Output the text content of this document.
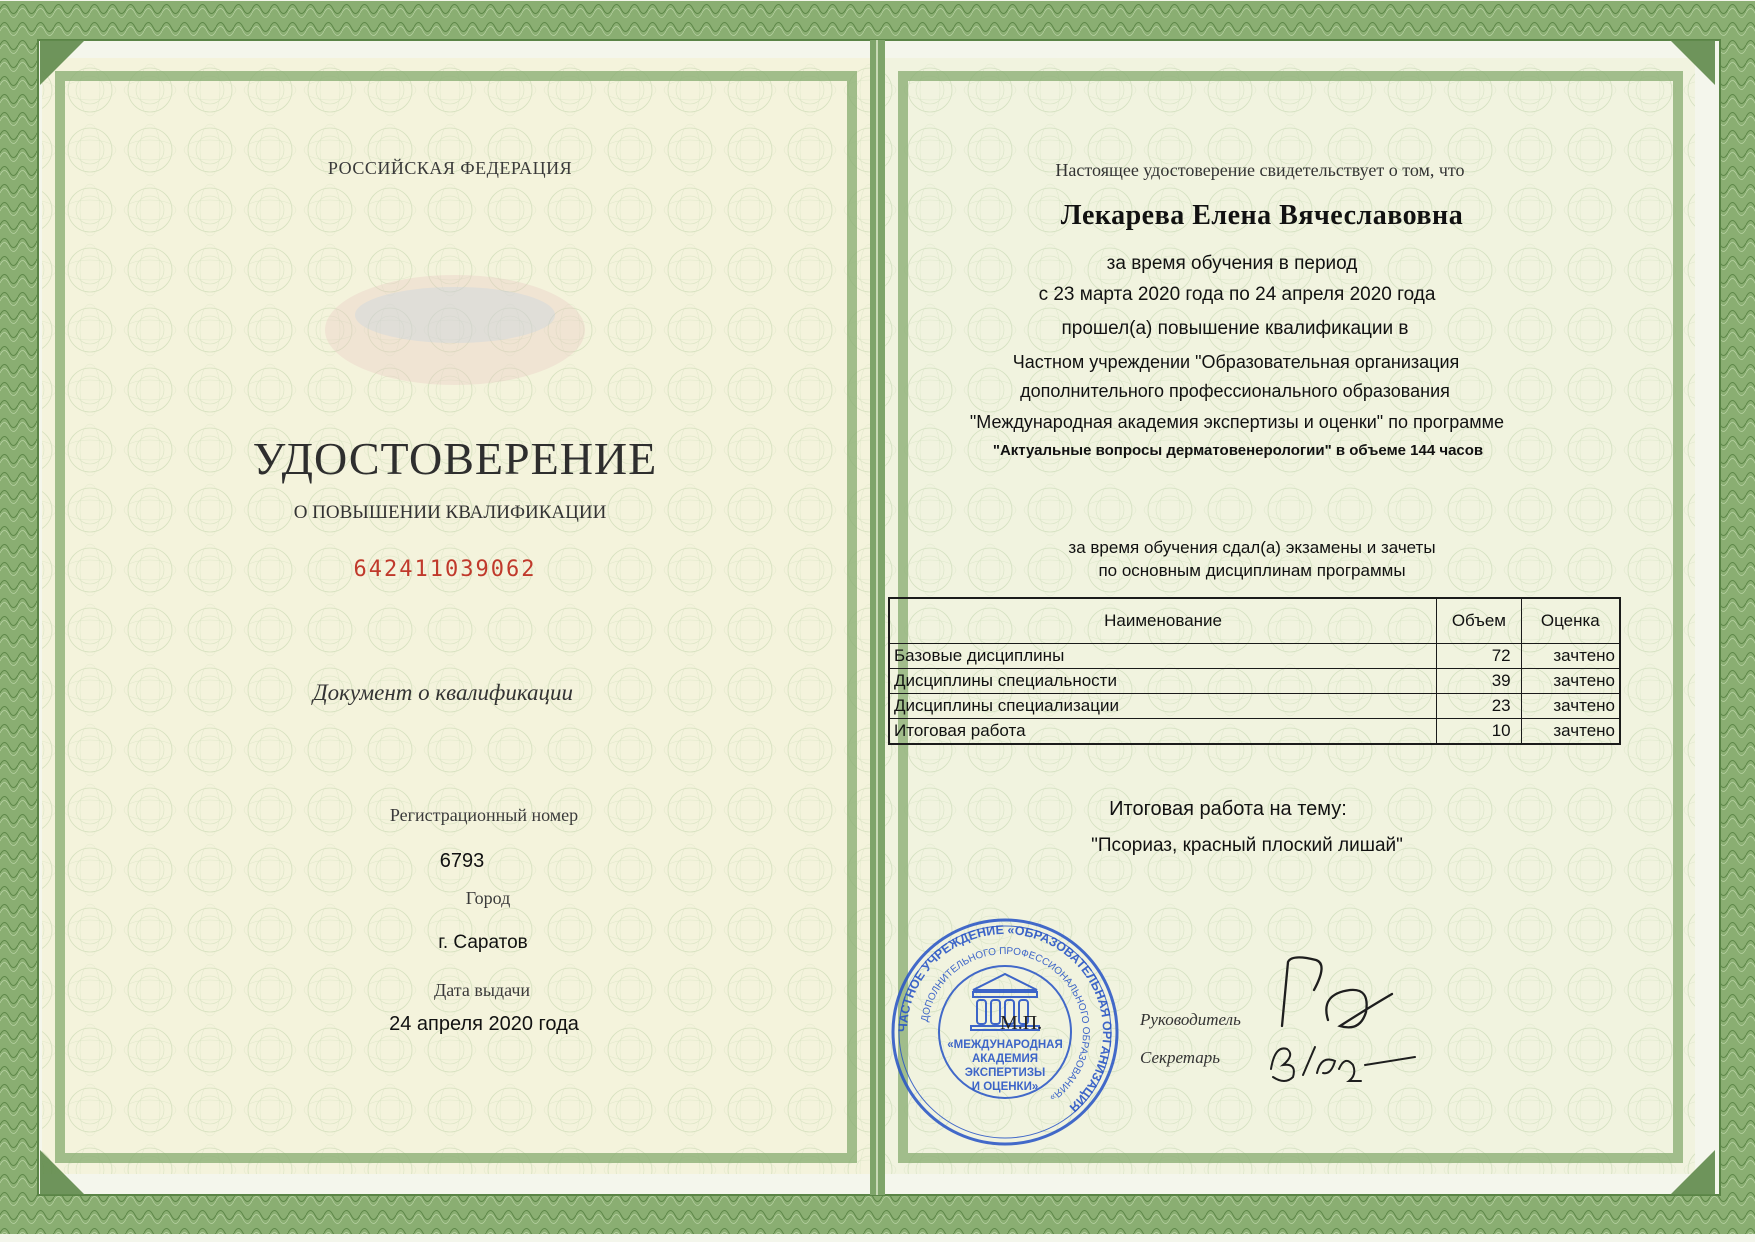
РОССИЙСКАЯ ФЕДЕРАЦИЯ
УДОСТОВЕРЕНИЕ
О ПОВЫШЕНИИ КВАЛИФИКАЦИИ
642411039062
Документ о квалификации
Регистрационный номер
6793
Город
г. Саратов
Дата выдачи
24 апреля 2020 года
Настоящее удостоверение свидетельствует о том, что
Лекарева Елена Вячеславовна
за время обучения в период
с 23 марта 2020 года по 24 апреля 2020 года
прошел(а) повышение квалификации в
Частном учреждении "Образовательная организация
дополнительного профессионального образования
"Международная академия экспертизы и оценки" по программе
"Актуальные вопросы дерматовенерологии" в объеме 144 часов
за время обучения сдал(а) экзамены и зачеты
по основным дисциплинам программы
Наименование	Объем	Оценка
Базовые дисциплины	72	зачтено
Дисциплины специальности	39	зачтено
Дисциплины специализации	23	зачтено
Итоговая работа	10	зачтено
Итоговая работа на тему:
"Псориаз, красный плоский лишай"
ЧАСТНОЕ УЧРЕЖДЕНИЕ «ОБРАЗОВАТЕЛЬНАЯ ОРГАНИЗАЦИЯ
ДОПОЛНИТЕЛЬНОГО ПРОФЕССИОНАЛЬНОГО ОБРАЗОВАНИЯ»
«МЕЖДУНАРОДНАЯ
АКАДЕМИЯ
ЭКСПЕРТИЗЫ
И ОЦЕНКИ»
М.П.	Руководитель
Секретарь
